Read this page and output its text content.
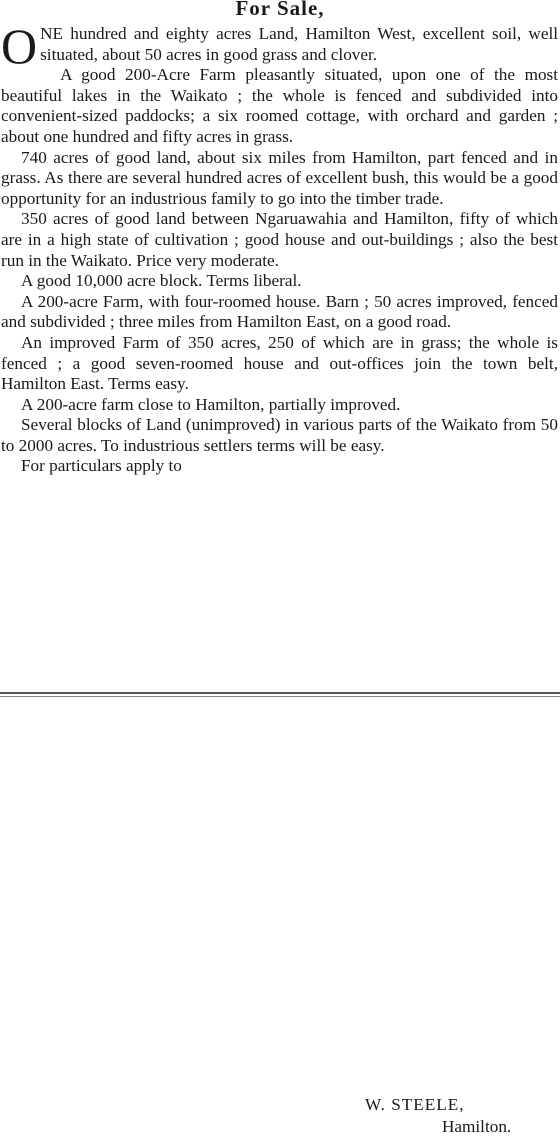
For Sale,

ONE hundred and eighty acres Land, Hamilton West, excellent soil, well situated, about 50 acres in good grass and clover.

A good 200-Acre Farm pleasantly situated, upon one of the most beautiful lakes in the Waikato ; the whole is fenced and subdivided into convenient-sized paddocks; a six roomed cottage, with orchard and garden ; about one hundred and fifty acres in grass.

740 acres of good land, about six miles from Hamilton, part fenced and in grass. As there are several hundred acres of excellent bush, this would be a good opportunity for an industrious family to go into the timber trade.

350 acres of good land between Ngaruawahia and Hamilton, fifty of which are in a high state of cultivation ; good house and out-buildings ; also the best run in the Waikato. Price very moderate.

A good 10,000 acre block. Terms liberal.

A 200-acre Farm, with four-roomed house. Barn ; 50 acres improved, fenced and subdivided ; three miles from Hamilton East, on a good road.

An improved Farm of 350 acres, 250 of which are in grass; the whole is fenced ; a good seven-roomed house and out-offices join the town belt, Hamilton East. Terms easy.

A 200-acre farm close to Hamilton, partially improved.

Several blocks of Land (unimproved) in various parts of the Waikato from 50 to 2000 acres. To industrious settlers terms will be easy.

For particulars apply to

W. STEELE,
Hamilton.
